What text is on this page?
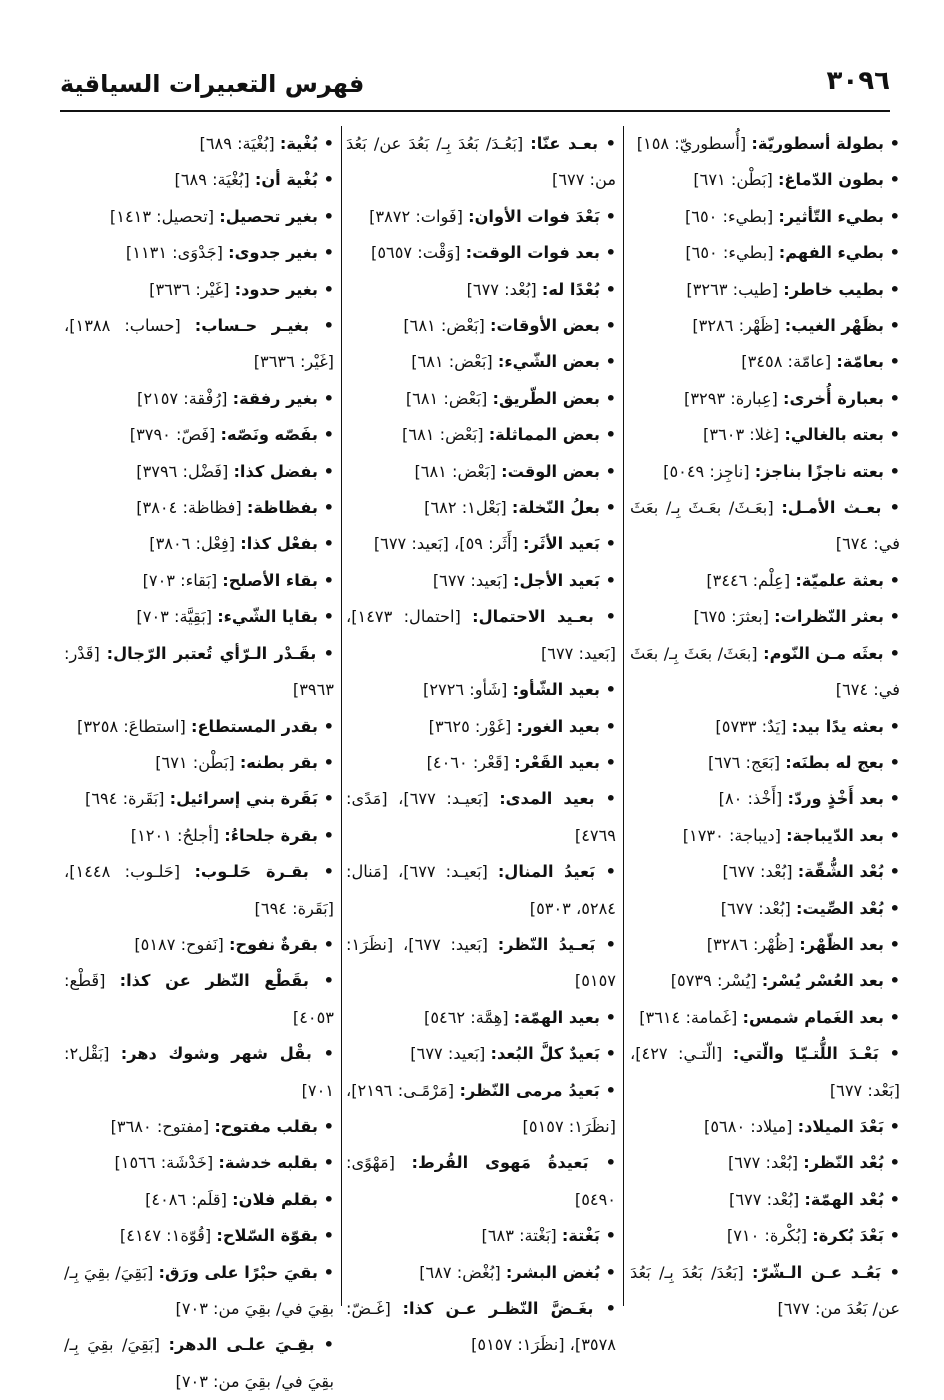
٣٠٩٦
فهرس التعبيرات السياقية
• بطولة أسطوريّة: [أُسطوريّ: ١٥٨]
• بطون الدّماغ: [بَطْن: ٦٧١]
• بطيء التّأثير: [بطيء: ٦٥٠]
• بطيء الفهم: [بطيء: ٦٥٠]
• بطيب خاطر: [طيب: ٣٢٦٣]
• بظَهْر الغيب: [ظَهْر: ٣٢٨٦]
• بعامّة: [عامّة: ٣٤٥٨]
• بعبارة أُخرى: [عِبارة: ٣٢٩٣]
• بعته بالغالي: [غلا: ٣٦٠٣]
• بعته ناجزًا بناجز: [ناجِز: ٥٠٤٩]
• بعـث الأمـل: [بعَـثَ/ بعَـثَ بِـ/ بعَثَ في: ٦٧٤]
• بعثة علميّة: [عِلْم: ٣٤٤٦]
• بعثر النّظرات: [بعثرَ: ٦٧٥]
• بعثَه مـن النّوم: [بعَثَ/ بعَثَ بِـ/ بعَثَ في: ٦٧٤]
• بعثه يدًا بيد: [يَدٌ: ٥٧٣٣]
• بعج له بطنَه: [بَعَج: ٦٧٦]
• بعد أَخْذٍ وردّ: [أَخْذ: ٨٠]
• بعد الدّيباجة: [ديباجة: ١٧٣٠]
• بُعْد الشُّقّة: [بُعْد: ٦٧٧]
• بُعْد الصِّيت: [بُعْد: ٦٧٧]
• بعد الظّهْر: [ظُهْر: ٣٢٨٦]
• بعد العُسْر يُسْر: [يُسْر: ٥٧٣٩]
• بعد الغَمام شمس: [غَمامة: ٣٦١٤]
• بَعْـدَ اللُّتـيّا والّتي: [الّتـي: ٤٢٧]، [بَعْد: ٦٧٧]
• بَعْدَ الميلاد: [ميلاد: ٥٦٨٠]
• بُعْد النّظر: [بُعْد: ٦٧٧]
• بُعْد الهمّة: [بُعْد: ٦٧٧]
• بَعْدَ بُكرة: [بُكْرة: ٧١٠]
• بَعُـد عـن الـشّرّ: [بَعُدَ/ بَعُدَ بِـ/ بَعُدَ عن/ بَعُدَ من: ٦٧٧]
• بعـد عنّا: [بَعُـدَ/ بَعُدَ بِـ/ بَعُدَ عن/ بَعُدَ من: ٦٧٧]
• بَعْدَ فوات الأوان: [فَوات: ٣٨٧٢]
• بعد فوات الوقت: [وَقْت: ٥٦٥٧]
• بُعْدًا له: [بُعْد: ٦٧٧]
• بعض الأوقات: [بَعْض: ٦٨١]
• بعض الشّيء: [بَعْض: ٦٨١]
• بعض الطّريق: [بَعْض: ٦٨١]
• بعض المماثلة: [بَعْض: ٦٨١]
• بعض الوقت: [بَعْض: ٦٨١]
• بعلُ النّخلة: [بَعْل١: ٦٨٢]
• بَعيد الأثَر: [أَثَر: ٥٩]، [بَعيد: ٦٧٧]
• بَعيد الأجل: [بَعيد: ٦٧٧]
• بعـيد الاحتمال: [احتمال: ١٤٧٣]، [بَعيد: ٦٧٧]
• بعيد الشّأو: [شَأو: ٢٧٢٦]
• بعيد الغور: [غَوْر: ٣٦٢٥]
• بعيد القَعْر: [قَعْر: ٤٠٦٠]
• بعيد المدى: [بَعيـد: ٦٧٧]، [مَدًى: ٤٧٦٩]
• بَعيدُ المنال: [بَعيـد: ٦٧٧]، [مَنال: ٥٢٨٤، ٥٣٠٣]
• بَعـيدُ النّظر: [بَعيد: ٦٧٧]، [نظَرَ١: ٥١٥٧]
• بعيد الهمّة: [هِمَّة: ٥٤٦٢]
• بَعيدٌ كلَّ البُعد: [بَعيد: ٦٧٧]
• بَعيدُ مرمى النّظر: [مَرْمًـى: ٢١٩٦]، [نظَرَ١: ٥١٥٧]
• بَعيدةُ مَهوى القُرط: [مَهْوًى: ٥٤٩٠]
• بَغْتة: [بَغْتة: ٦٨٣]
• بُغض البشر: [بُغْض: ٦٨٧]
• بغَـضَّ النّظـر عـن كذا: [غَـضّ: ٣٥٧٨]، [نظَرَ١: ٥١٥٧]
• بُغْية: [بُغْيَة: ٦٨٩]
• بُغْية أن: [بُغْيَة: ٦٨٩]
• بغير تحصيل: [تحصيل: ١٤١٣]
• بغير جدوى: [جَدْوَى: ١١٣١]
• بغير حدود: [غَيْر: ٣٦٣٦]
• بغيـر حـساب: [حساب: ١٣٨٨]، [غَيْر: ٣٦٣٦]
• بغير رفقة: [رُفْقة: ٢١٥٧]
• بفَصّه ونَصّه: [فَصّ: ٣٧٩٠]
• بفضل كذا: [فَضْل: ٣٧٩٦]
• بفظاظة: [فظاظة: ٣٨٠٤]
• بفعْل كذا: [فِعْل: ٣٨٠٦]
• بقاء الأصلح: [بَقاء: ٧٠٣]
• بقايا الشّيء: [بَقِيَّة: ٧٠٣]
• بقَـدْر الـرّأي تُعتبر الرّجال: [قَدْر: ٣٩٦٣]
• بقدر المستطاع: [استطاعَ: ٣٢٥٨]
• بقر بطنه: [بَطْن: ٦٧١]
• بَقَرة بني إسرائيل: [بَقَرة: ٦٩٤]
• بقرة جلحاءُ: [أجلحُ: ١٢٠١]
• بقـرة حَلـوب: [حَلـوب: ١٤٤٨]، [بَقَرة: ٦٩٤]
• بقرةٌ نفوح: [نَفوح: ٥١٨٧]
• بقَطْع النّظر عن كذا: [قَطْع: ٤٠٥٣]
• بقْل شهر وشوك دهر: [بَقْل٢: ٧٠١]
• بقلب مفتوح: [مفتوح: ٣٦٨٠]
• بقلبه خدشة: [خَدْشَة: ١٥٦٦]
• بقلم فلان: [قلَم: ٤٠٨٦]
• بقوّة السّلاح: [قُوّة١: ٤١٤٧]
• بقيَ حبْرًا على ورَق: [بَقِيَ/ بقِيَ بِـ/ بقِيَ في/ بقِيَ من: ٧٠٣]
• بقِـيَ علـى الدهر: [بَقِيَ/ بقِيَ بِـ/ بقِيَ في/ بقِيَ من: ٧٠٣]
